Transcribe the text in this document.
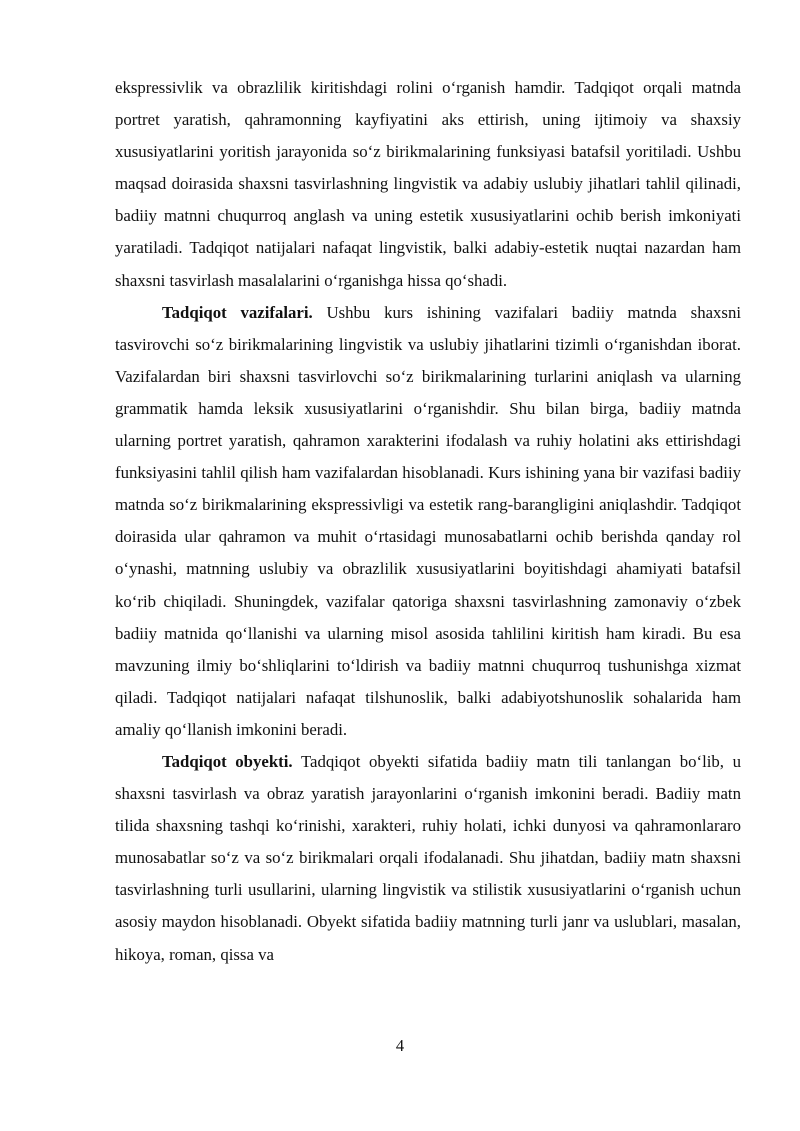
ekspressivlik va obrazlilik kiritishdagi rolini o‘rganish hamdir. Tadqiqot orqali matnda portret yaratish, qahramonning kayfiyatini aks ettirish, uning ijtimoiy va shaxsiy xususiyatlarini yoritish jarayonida so‘z birikmalarining funksiyasi batafsil yoritiladi. Ushbu maqsad doirasida shaxsni tasvirlashning lingvistik va adabiy uslubiy jihatlari tahlil qilinadi, badiiy matnni chuqurroq anglash va uning estetik xususiyatlarini ochib berish imkoniyati yaratiladi. Tadqiqot natijalari nafaqat lingvistik, balki adabiy-estetik nuqtai nazardan ham shaxsni tasvirlash masalalarini o‘rganishga hissa qo‘shadi.

Tadqiqot vazifalari. Ushbu kurs ishining vazifalari badiiy matnda shaxsni tasvirovchi so‘z birikmalarining lingvistik va uslubiy jihatlarini tizimli o‘rganishdan iborat. Vazifalardan biri shaxsni tasvirlovchi so‘z birikmalarining turlarini aniqlash va ularning grammatik hamda leksik xususiyatlarini o‘rganishdir. Shu bilan birga, badiiy matnda ularning portret yaratish, qahramon xarakterini ifodalash va ruhiy holatini aks ettirishdagi funksiyasini tahlil qilish ham vazifalardan hisoblanadi. Kurs ishining yana bir vazifasi badiiy matnda so‘z birikmalarining ekspressivligi va estetik rang-barangligini aniqlashdir. Tadqiqot doirasida ular qahramon va muhit o‘rtasidagi munosabatlarni ochib berishda qanday rol o‘ynashi, matnning uslubiy va obrazlilik xususiyatlarini boyitishdagi ahamiyati batafsil ko‘rib chiqiladi. Shuningdek, vazifalar qatoriga shaxsni tasvirlashning zamonaviy o‘zbek badiiy matnida qo‘llanishi va ularning misol asosida tahlilini kiritish ham kiradi. Bu esa mavzuning ilmiy bo‘shliqlarini to‘ldirish va badiiy matnni chuqurroq tushunishga xizmat qiladi. Tadqiqot natijalari nafaqat tilshunoslik, balki adabiyotshunoslik sohalarida ham amaliy qo‘llanish imkonini beradi.

Tadqiqot obyekti. Tadqiqot obyekti sifatida badiiy matn tili tanlangan bo‘lib, u shaxsni tasvirlash va obraz yaratish jarayonlarini o‘rganish imkonini beradi. Badiiy matn tilida shaxsning tashqi ko‘rinishi, xarakteri, ruhiy holati, ichki dunyosi va qahramonlararo munosabatlar so‘z va so‘z birikmalari orqali ifodalanadi. Shu jihatdan, badiiy matn shaxsni tasvirlashning turli usullarini, ularning lingvistik va stilistik xususiyatlarini o‘rganish uchun asosiy maydon hisoblanadi. Obyekt sifatida badiiy matnning turli janr va uslublari, masalan, hikoya, roman, qissa va

4
